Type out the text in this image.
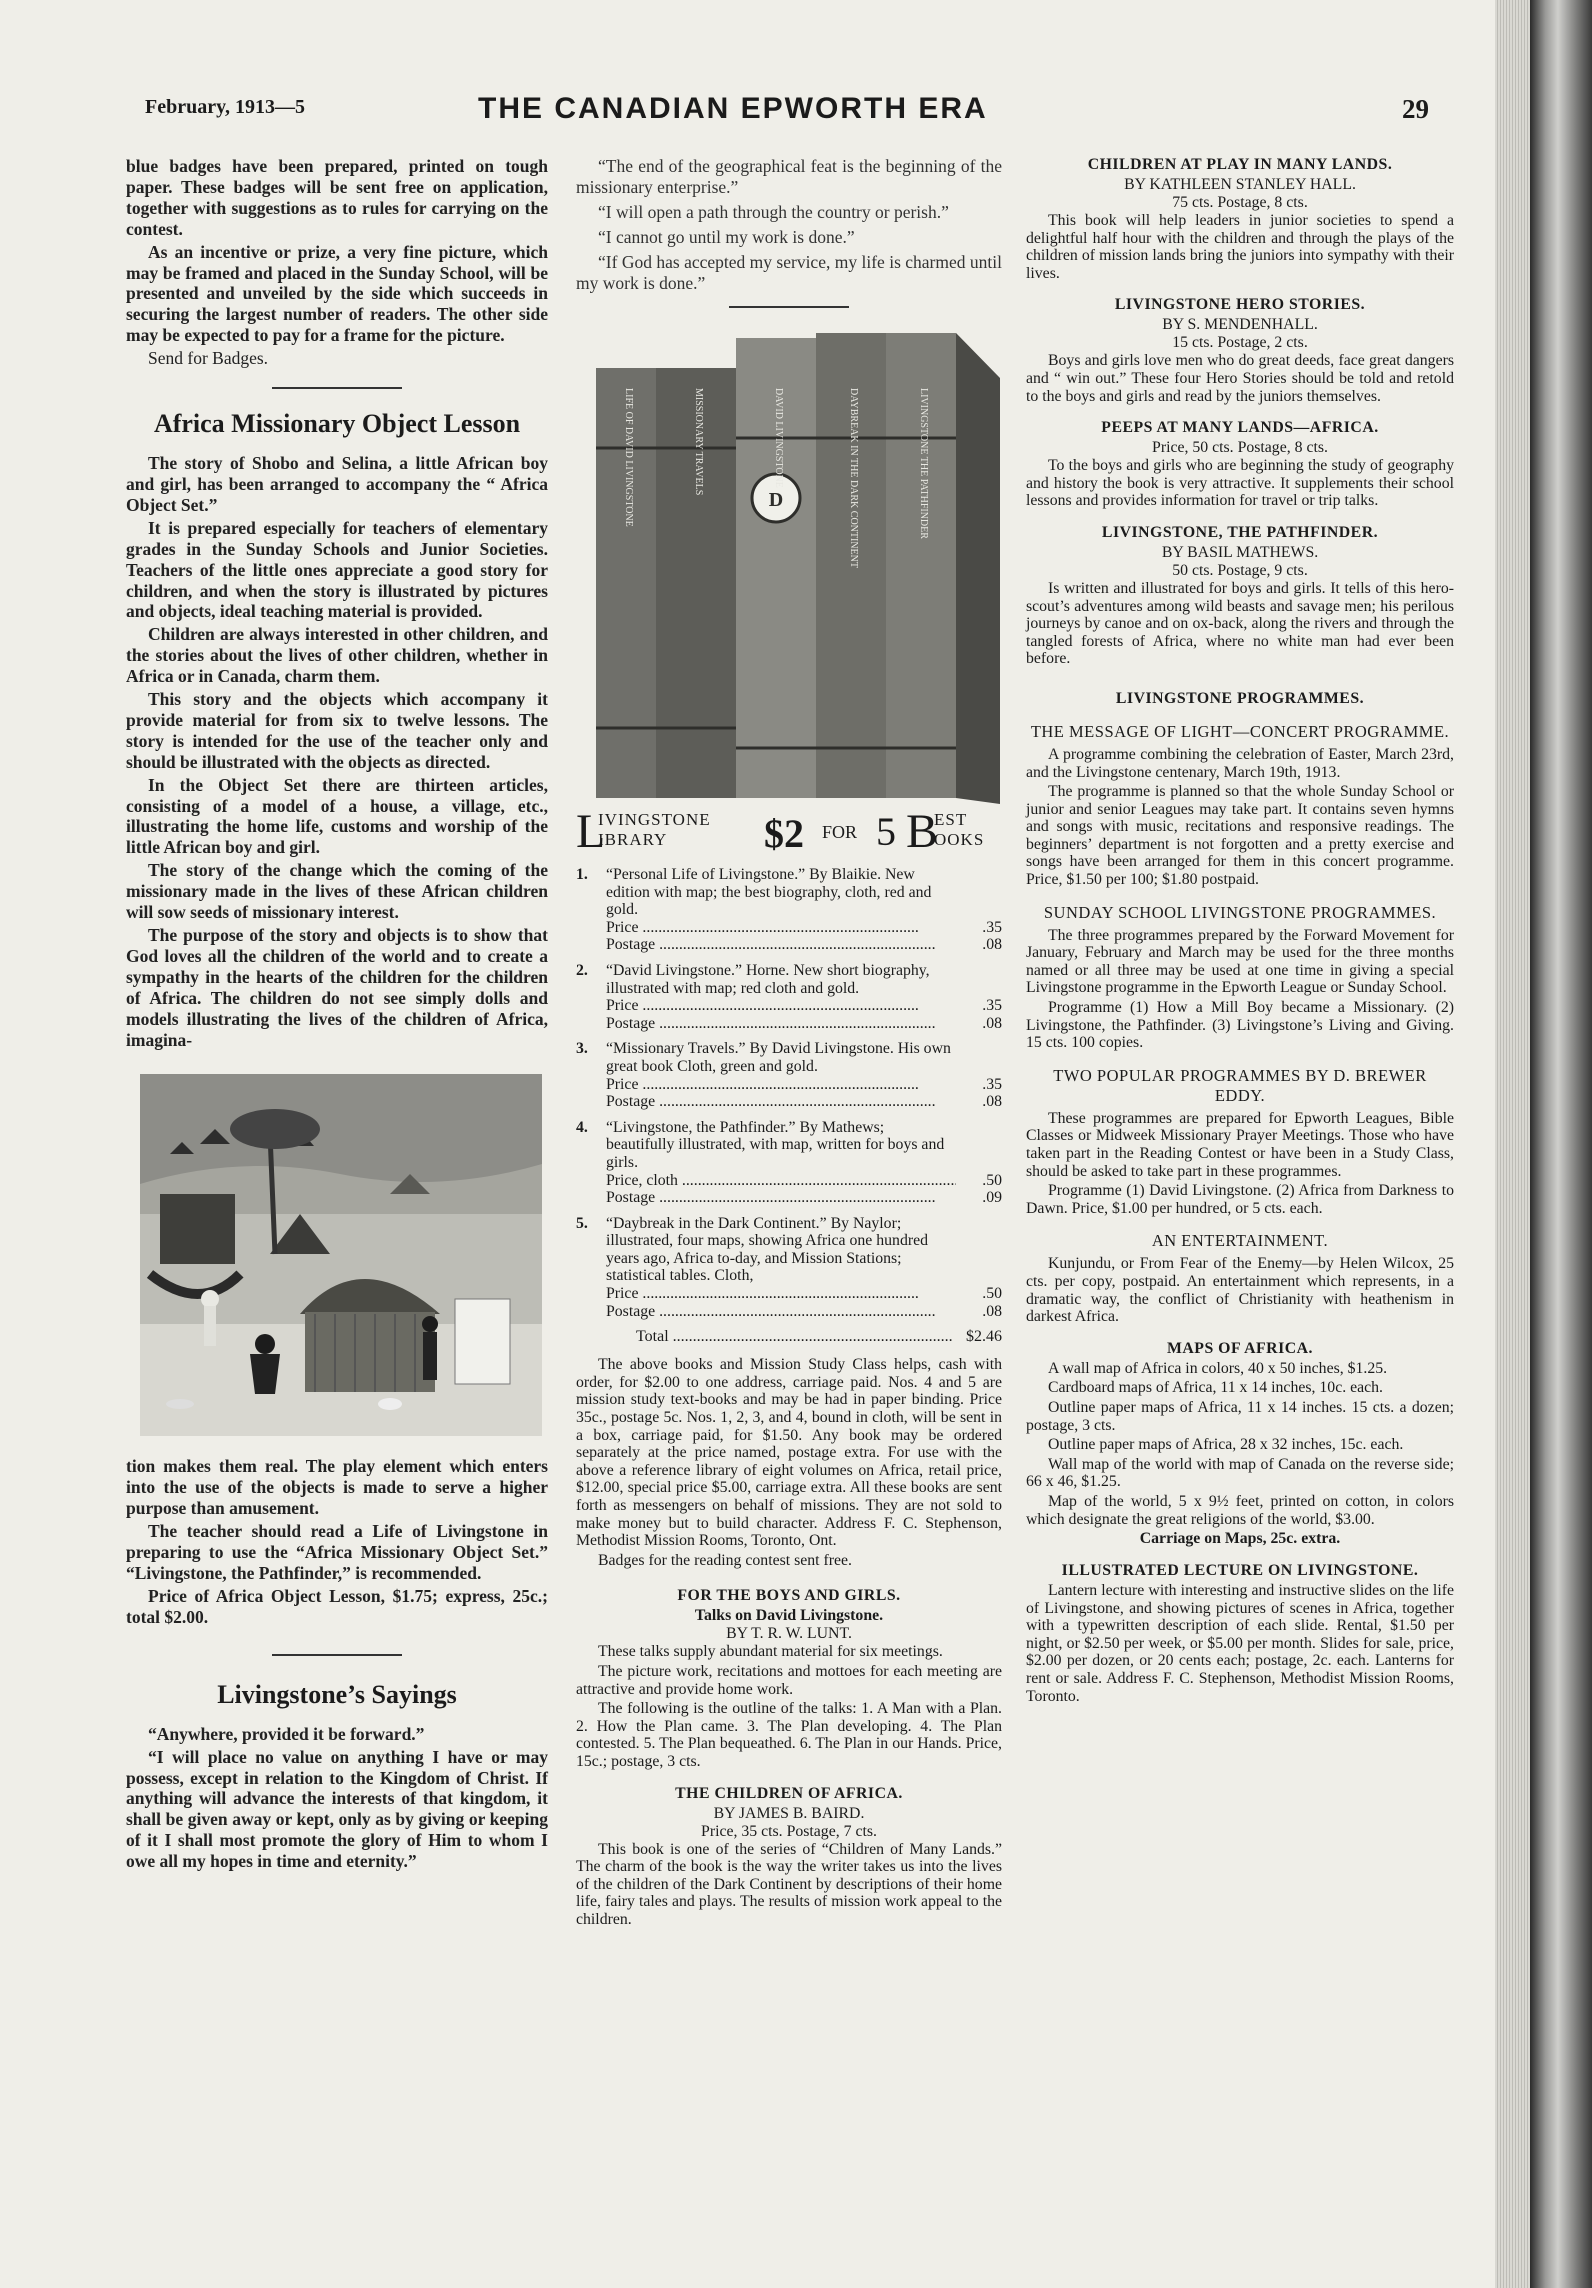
February, 1913—5	THE CANADIAN EPWORTH ERA	29

blue badges have been prepared, printed on tough paper. These badges will be sent free on application, together with suggestions as to rules for carrying on the contest.

As an incentive or prize, a very fine picture, which may be framed and placed in the Sunday School, will be presented and unveiled by the side which succeeds in securing the largest number of readers. The other side may be expected to pay for a frame for the picture.

Send for Badges.

Africa Missionary Object Lesson

The story of Shobo and Selina, a little African boy and girl, has been arranged to accompany the “ Africa Object Set.”

It is prepared especially for teachers of elementary grades in the Sunday Schools and Junior Societies. Teachers of the little ones appreciate a good story for children, and when the story is illustrated by pictures and objects, ideal teaching material is provided.

Children are always interested in other children, and the stories about the lives of other children, whether in Africa or in Canada, charm them.

This story and the objects which accompany it provide material for from six to twelve lessons. The story is intended for the use of the teacher only and should be illustrated with the objects as directed.

In the Object Set there are thirteen articles, consisting of a model of a house, a village, etc., illustrating the home life, customs and worship of the little African boy and girl.

The story of the change which the coming of the missionary made in the lives of these African children will sow seeds of missionary interest.

The purpose of the story and objects is to show that God loves all the children of the world and to create a sympathy in the hearts of the children for the children of Africa. The children do not see simply dolls and models illustrating the lives of the children of Africa, imagina-

tion makes them real. The play element which enters into the use of the objects is made to serve a higher purpose than amusement.

The teacher should read a Life of Livingstone in preparing to use the “Africa Missionary Object Set.” “Livingstone, the Pathfinder,” is recommended.

Price of Africa Object Lesson, $1.75; express, 25c.; total $2.00.

Livingstone’s Sayings

“Anywhere, provided it be forward.”

“I will place no value on anything I have or may possess, except in relation to the Kingdom of Christ. If anything will advance the interests of that kingdom, it shall be given away or kept, only as by giving or keeping of it I shall most promote the glory of Him to whom I owe all my hopes in time and eternity.”

“The end of the geographical feat is the beginning of the missionary enterprise.”

“I will open a path through the country or perish.”

“I cannot go until my work is done.”

“If God has accepted my service, my life is charmed until my work is done.”

D
LIFE OF DAVID LIVINGSTONE	MISSIONARY TRAVELS	DAVID LIVINGSTONE	DAYBREAK IN THE DARK CONTINENT	LIVINGSTONE THE PATHFINDER
L
IVINGSTONE
IBRARY $2 FOR 5 B
EST
OOKS
1. “Personal Life of Livingstone.” By Blaikie. New edition with map; the best biography, cloth, red and gold.
Price .....	.35
Postage .....	.08
2. “David Livingstone.” Horne. New short biography, illustrated with map; red cloth and gold.
Price .....	.35
Postage .....	.08
3. “Missionary Travels.” By David Livingstone. His own great book Cloth, green and gold.
Price .....	.35
Postage .....	.08
4. “Livingstone, the Pathfinder.” By Mathews; beautifully illustrated, with map, written for boys and girls.
Price, cloth .....	.50
Postage .....	.09
5. “Daybreak in the Dark Continent.” By Naylor; illustrated, four maps, showing Africa one hundred years ago, Africa to-day, and Mission Stations; statistical tables. Cloth,
Price .....	.50
Postage .....	.08
Total .....	$2.46

The above books and Mission Study Class helps, cash with order, for $2.00 to one address, carriage paid. Nos. 4 and 5 are mission study text-books and may be had in paper binding. Price 35c., postage 5c. Nos. 1, 2, 3, and 4, bound in cloth, will be sent in a box, carriage paid, for $1.50. Any book may be ordered separately at the price named, postage extra. For use with the above a reference library of eight volumes on Africa, retail price, $12.00, special price $5.00, carriage extra. All these books are sent forth as messengers on behalf of missions. They are not sold to make money but to build character. Address F. C. Stephenson, Methodist Mission Rooms, Toronto, Ont.

Badges for the reading contest sent free.

FOR THE BOYS AND GIRLS.
Talks on David Livingstone.
BY T. R. W. LUNT.

These talks supply abundant material for six meetings.

The picture work, recitations and mottoes for each meeting are attractive and provide home work.

The following is the outline of the talks: 1. A Man with a Plan. 2. How the Plan came. 3. The Plan developing. 4. The Plan contested. 5. The Plan bequeathed. 6. The Plan in our Hands. Price, 15c.; postage, 3 cts.

THE CHILDREN OF AFRICA.
BY JAMES B. BAIRD.
Price, 35 cts. Postage, 7 cts.

This book is one of the series of “Children of Many Lands.” The charm of the book is the way the writer takes us into the lives of the children of the Dark Continent by descriptions of their home life, fairy tales and plays. The results of mission work appeal to the children.

CHILDREN AT PLAY IN MANY LANDS.
BY KATHLEEN STANLEY HALL.
75 cts. Postage, 8 cts.

This book will help leaders in junior societies to spend a delightful half hour with the children and through the plays of the children of mission lands bring the juniors into sympathy with their lives.

LIVINGSTONE HERO STORIES.
BY S. MENDENHALL.
15 cts. Postage, 2 cts.

Boys and girls love men who do great deeds, face great dangers and “ win out.” These four Hero Stories should be told and retold to the boys and girls and read by the juniors themselves.

PEEPS AT MANY LANDS—AFRICA.
Price, 50 cts. Postage, 8 cts.

To the boys and girls who are beginning the study of geography and history the book is very attractive. It supplements their school lessons and provides information for travel or trip talks.

LIVINGSTONE, THE PATHFINDER.
BY BASIL MATHEWS.
50 cts. Postage, 9 cts.

Is written and illustrated for boys and girls. It tells of this hero-scout’s adventures among wild beasts and savage men; his perilous journeys by canoe and on ox-back, along the rivers and through the tangled forests of Africa, where no white man had ever been before.

LIVINGSTONE PROGRAMMES.
THE MESSAGE OF LIGHT—CONCERT PROGRAMME.

A programme combining the celebration of Easter, March 23rd, and the Livingstone centenary, March 19th, 1913.

The programme is planned so that the whole Sunday School or junior and senior Leagues may take part. It contains seven hymns and songs with music, recitations and responsive readings. The beginners’ department is not forgotten and a pretty exercise and songs have been arranged for them in this concert programme. Price, $1.50 per 100; $1.80 postpaid.

SUNDAY SCHOOL LIVINGSTONE PROGRAMMES.

The three programmes prepared by the Forward Movement for January, February and March may be used for the three months named or all three may be used at one time in giving a special Livingstone programme in the Epworth League or Sunday School.

Programme (1) How a Mill Boy became a Missionary. (2) Livingstone, the Pathfinder. (3) Livingstone’s Living and Giving. 15 cts. 100 copies.

TWO POPULAR PROGRAMMES BY D. BREWER EDDY.

These programmes are prepared for Epworth Leagues, Bible Classes or Midweek Missionary Prayer Meetings. Those who have taken part in the Reading Contest or have been in a Study Class, should be asked to take part in these programmes.

Programme (1) David Livingstone. (2) Africa from Darkness to Dawn. Price, $1.00 per hundred, or 5 cts. each.

AN ENTERTAINMENT.

Kunjundu, or From Fear of the Enemy—by Helen Wilcox, 25 cts. per copy, postpaid. An entertainment which represents, in a dramatic way, the conflict of Christianity with heathenism in darkest Africa.

MAPS OF AFRICA.

A wall map of Africa in colors, 40 x 50 inches, $1.25.

Cardboard maps of Africa, 11 x 14 inches, 10c. each.

Outline paper maps of Africa, 11 x 14 inches. 15 cts. a dozen; postage, 3 cts.

Outline paper maps of Africa, 28 x 32 inches, 15c. each.

Wall map of the world with map of Canada on the reverse side; 66 x 46, $1.25.

Map of the world, 5 x 9½ feet, printed on cotton, in colors which designate the great religions of the world, $3.00.

Carriage on Maps, 25c. extra.
ILLUSTRATED LECTURE ON LIVINGSTONE.

Lantern lecture with interesting and instructive slides on the life of Livingstone, and showing pictures of scenes in Africa, together with a typewritten description of each slide. Rental, $1.50 per night, or $2.50 per week, or $5.00 per month. Slides for sale, price, $2.00 per dozen, or 20 cents each; postage, 2c. each. Lanterns for rent or sale. Address F. C. Stephenson, Methodist Mission Rooms, Toronto.
